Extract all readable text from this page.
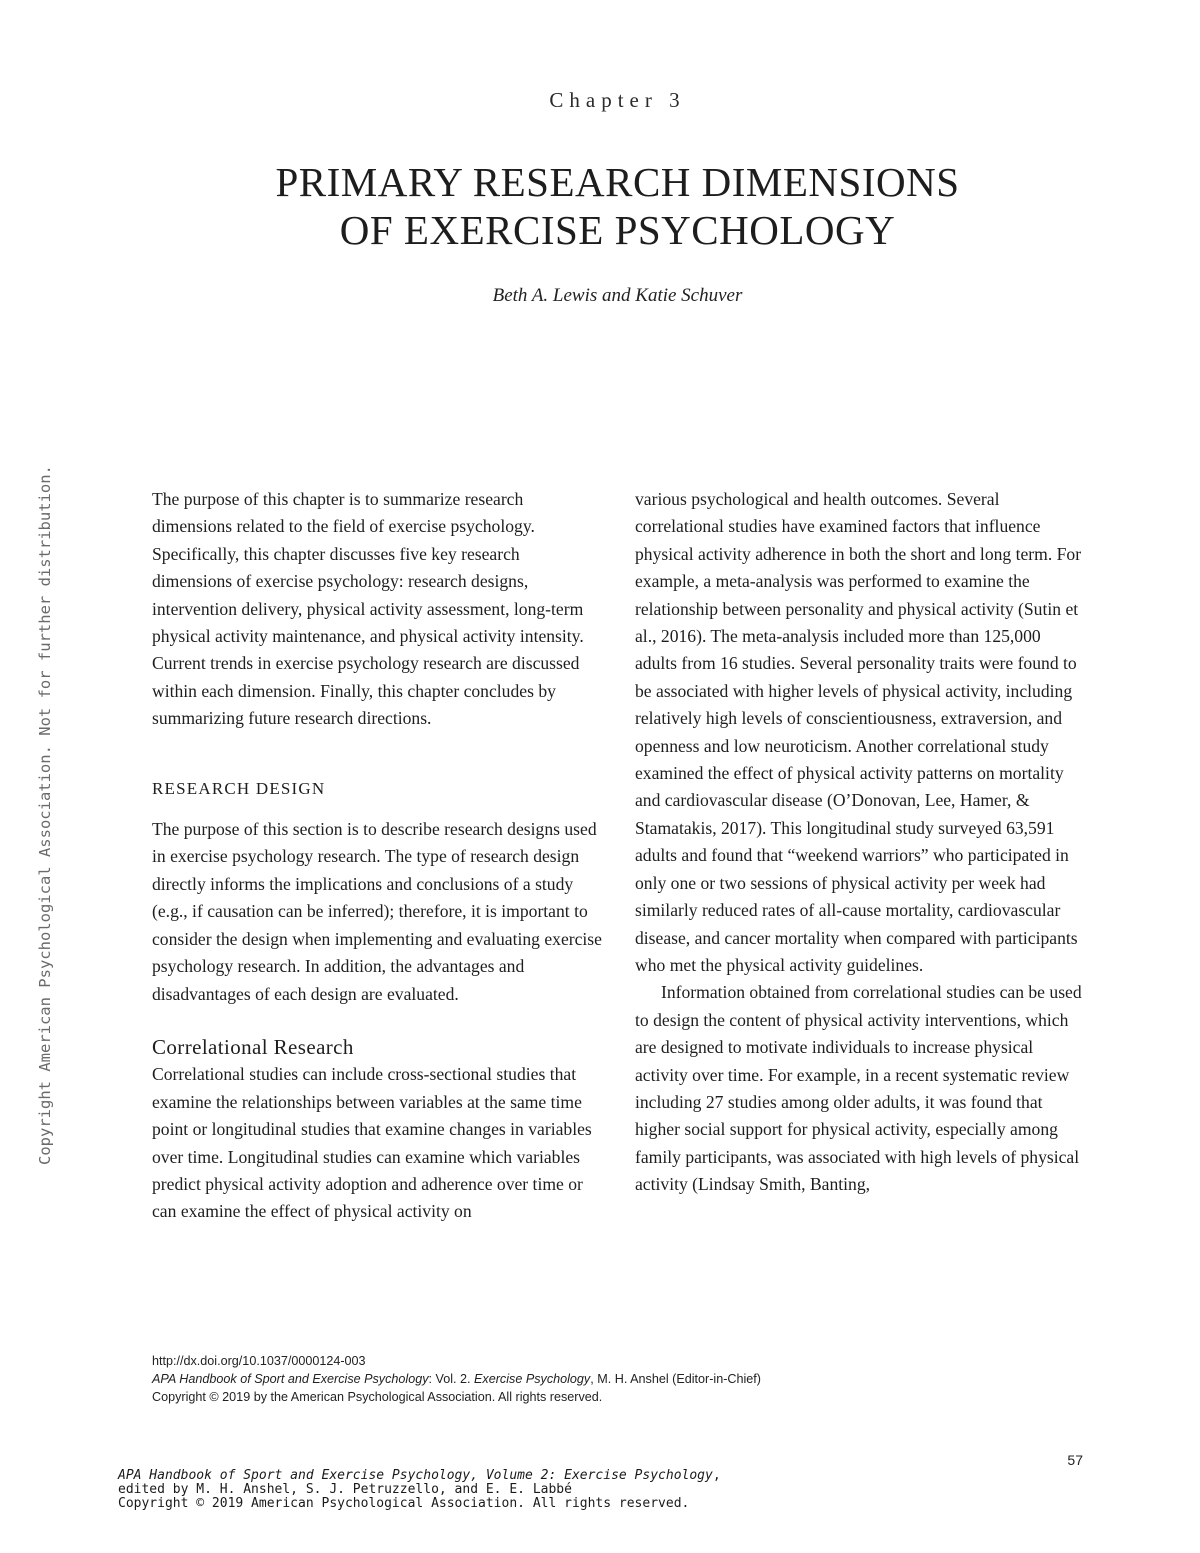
Chapter 3
PRIMARY RESEARCH DIMENSIONS
OF EXERCISE PSYCHOLOGY
Beth A. Lewis and Katie Schuver
Copyright American Psychological Association. Not for further distribution.	The purpose of this chapter is to summarize research dimensions related to the field of exercise psychology. Specifically, this chapter discusses five key research dimensions of exercise psychology: research designs, intervention delivery, physical activity assessment, long-term physical activity maintenance, and physical activity intensity. Current trends in exercise psychology research are discussed within each dimension. Finally, this chapter concludes by summarizing future research directions.

RESEARCH DESIGN

The purpose of this section is to describe research designs used in exercise psychology research. The type of research design directly informs the implications and conclusions of a study (e.g., if causation can be inferred); therefore, it is important to consider the design when implementing and evaluating exercise psychology research. In addition, the advantages and disadvantages of each design are evaluated.

Correlational Research

Correlational studies can include cross-sectional studies that examine the relationships between variables at the same time point or longitudinal studies that examine changes in variables over time. Longitudinal studies can examine which variables predict physical activity adoption and adherence over time or can examine the effect of physical activity on

various psychological and health outcomes. Several correlational studies have examined factors that influence physical activity adherence in both the short and long term. For example, a meta-analysis was performed to examine the relationship between personality and physical activity (Sutin et al., 2016). The meta-analysis included more than 125,000 adults from 16 studies. Several personality traits were found to be associated with higher levels of physical activity, including relatively high levels of conscientiousness, extraversion, and openness and low neuroticism. Another correlational study examined the effect of physical activity patterns on mortality and cardiovascular disease (O’Donovan, Lee, Hamer, & Stamatakis, 2017). This longitudinal study surveyed 63,591 adults and found that “weekend warriors” who participated in only one or two sessions of physical activity per week had similarly reduced rates of all-cause mortality, cardiovascular disease, and cancer mortality when compared with participants who met the physical activity guidelines.

Information obtained from correlational studies can be used to design the content of physical activity interventions, which are designed to motivate individuals to increase physical activity over time. For example, in a recent systematic review including 27 studies among older adults, it was found that higher social support for physical activity, especially among family participants, was associated with high levels of physical activity (Lindsay Smith, Banting,

http://dx.doi.org/10.1037/0000124-003
APA Handbook of Sport and Exercise Psychology: Vol. 2. Exercise Psychology, M. H. Anshel (Editor-in-Chief)
Copyright © 2019 by the American Psychological Association. All rights reserved.
57
APA Handbook of Sport and Exercise Psychology, Volume 2: Exercise Psychology,
edited by M. H. Anshel, S. J. Petruzzello, and E. E. Labbé
Copyright © 2019 American Psychological Association. All rights reserved.
